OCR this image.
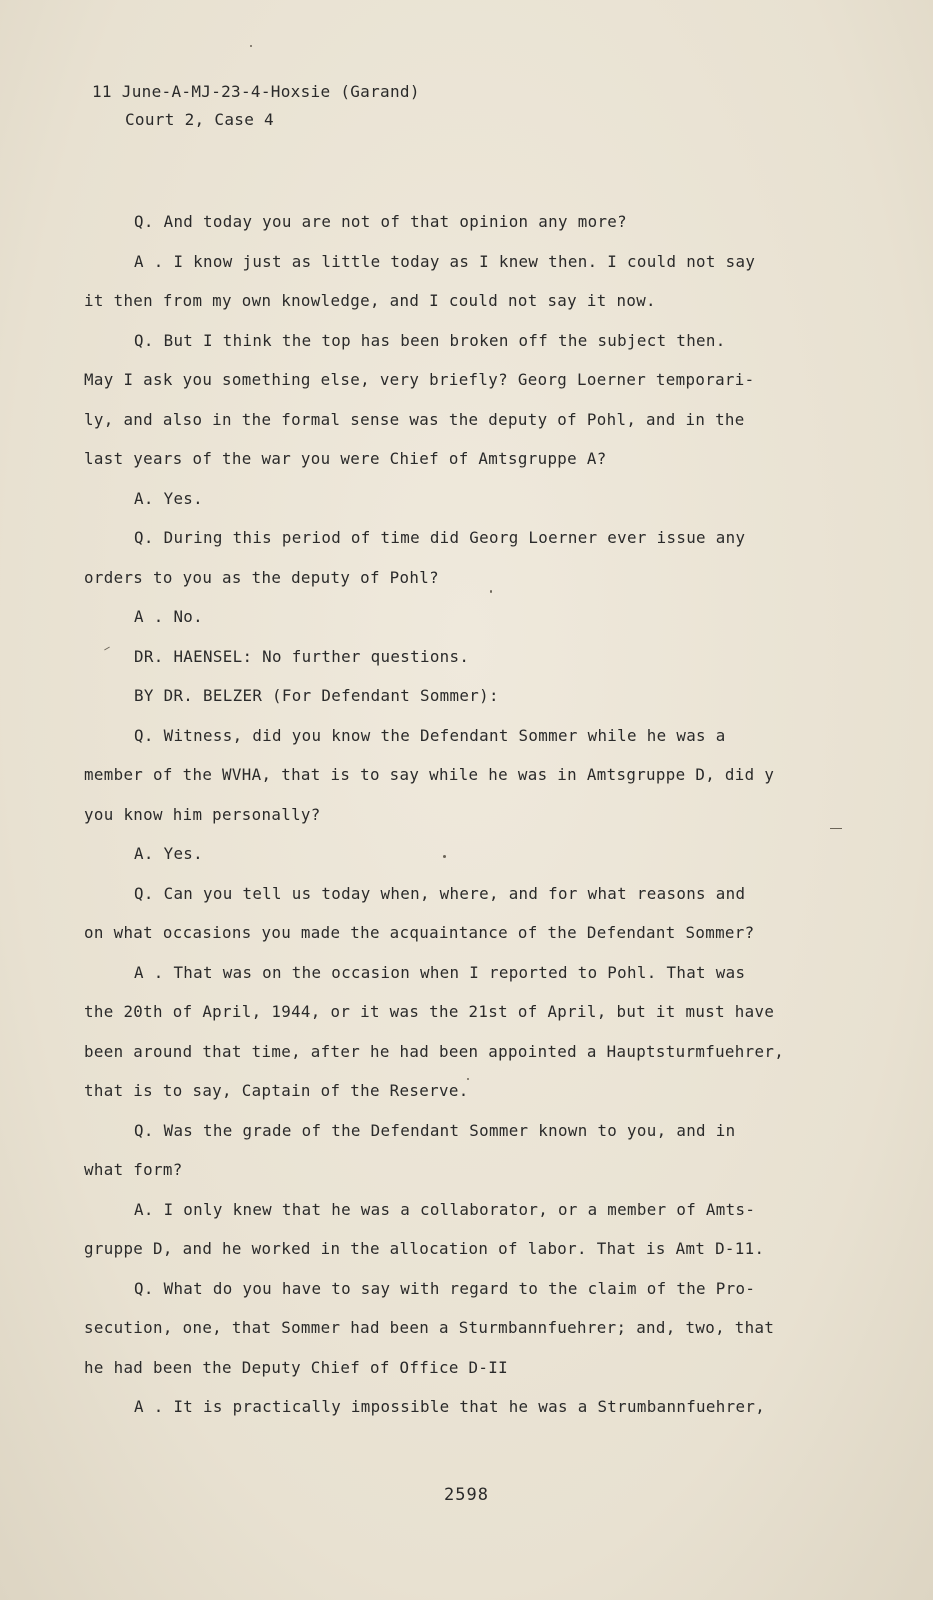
11 June-A-MJ-23-4-Hoxsie (Garand)
Court 2, Case 4
Q. And today you are not of that opinion any more?
A . I know just as little today as I knew then. I could not say
it then from my own knowledge, and I could not say it now.
Q. But I think the top has been broken off the subject then.
May I ask you something else, very briefly? Georg Loerner temporari-
ly, and also in the formal sense was the deputy of Pohl, and in the
last years of the war you were Chief of Amtsgruppe A?
A. Yes.
Q. During this period of time did Georg Loerner ever issue any
orders to you as the deputy of Pohl?
A . No.
DR. HAENSEL: No further questions.
BY DR. BELZER (For Defendant Sommer):
Q. Witness, did you know the Defendant Sommer while he was a
member of the WVHA, that is to say while he was in Amtsgruppe D, did y
you know him personally?
A. Yes.
Q. Can you tell us today when, where, and for what reasons and
on what occasions you made the acquaintance of the Defendant Sommer?
A . That was on the occasion when I reported to Pohl. That was
the 20th of April, 1944, or it was the 21st of April, but it must have
been around that time, after he had been appointed a Hauptsturmfuehrer,
that is to say, Captain of the Reserve.
Q. Was the grade of the Defendant Sommer known to you, and in
what form?
A. I only knew that he was a collaborator, or a member of Amts-
gruppe D, and he worked in the allocation of labor. That is Amt D-11.
Q. What do you have to say with regard to the claim of the Pro-
secution, one, that Sommer had been a Sturmbannfuehrer; and, two, that
he had been the Deputy Chief of Office D-II
A . It is practically impossible that he was a Strumbannfuehrer,
2598
